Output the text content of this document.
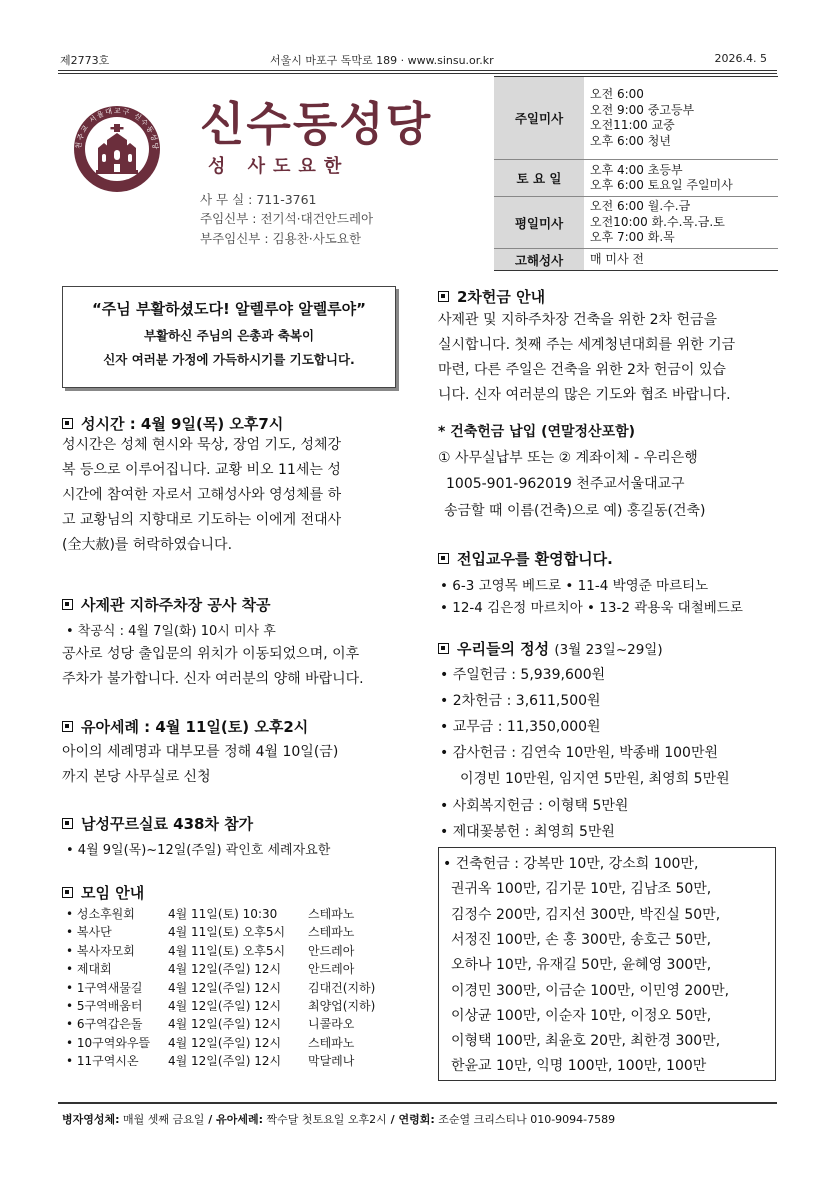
제2773호	서울시 마포구 독막로 189 · www.sinsu.or.kr	2026.4. 5
천주교 서울대교구 신수동성당 신수동성당
성 사도요한
사 무 실 : 711-3761
주임신부 : 전기석·대건안드레아
부주임신부 : 김용찬·사도요한
주일미사	오전 6:00
오전 9:00 중고등부
오전11:00 교중
오후 6:00 청년

토 요 일	오후 4:00 초등부
오후 6:00 토요일 주일미사

평일미사	오전 6:00 월.수.금
오전10:00 화.수.목.금.토
오후 7:00 화.목

고해성사	매 미사 전
“주님 부활하셨도다! 알렐루야 알렐루야”
부활하신 주님의 은총과 축복이
신자 여러분 가정에 가득하시기를 기도합니다.
성시간 : 4월 9일(목) 오후7시
성시간은 성체 현시와 묵상, 장엄 기도, 성체강
복 등으로 이루어집니다. 교황 비오 11세는 성
시간에 참여한 자로서 고해성사와 영성체를 하
고 교황님의 지향대로 기도하는 이에게 전대사
(全大赦)를 허락하였습니다.
사제관 지하주차장 공사 착공
• 착공식 : 4월 7일(화) 10시 미사 후
공사로 성당 출입문의 위치가 이동되었으며, 이후
주차가 불가합니다. 신자 여러분의 양해 바랍니다.
유아세례 : 4월 11일(토) 오후2시
아이의 세례명과 대부모를 정해 4월 10일(금)
까지 본당 사무실로 신청
남성꾸르실료 438차 참가
• 4월 9일(목)~12일(주일) 곽인호 세례자요한
모임 안내
• 성소후원회	4월 11일(토) 10:30	스테파노
• 복사단	4월 11일(토) 오후5시 스테파노
• 복사자모회	4월 11일(토) 오후5시 안드레아
• 제대회	4월 12일(주일) 12시 안드레아
• 1구역새물길 4월 12일(주일) 12시 김대건(지하)
• 5구역배움터 4월 12일(주일) 12시 최양업(지하)
• 6구역갑은돌 4월 12일(주일) 12시 니콜라오
• 10구역와우뜰 4월 12일(주일) 12시 스테파노
• 11구역시온 4월 12일(주일) 12시 막달레나
2차헌금 안내
사제관 및 지하주차장 건축을 위한 2차 헌금을
실시합니다. 첫째 주는 세계청년대회를 위한 기금
마련, 다른 주일은 건축을 위한 2차 헌금이 있습
니다. 신자 여러분의 많은 기도와 협조 바랍니다.
* 건축헌금 납입 (연말정산포함)
① 사무실납부 또는 ② 계좌이체 - 우리은행
1005-901-962019 천주교서울대교구
송금할 때 이름(건축)으로 예) 홍길동(건축)
전입교우를 환영합니다.
• 6-3 고영목 베드로 • 11-4 박영준 마르티노
• 12-4 김은정 마르치아 • 13-2 곽용욱 대철베드로
우리들의 정성 (3월 23일~29일)
• 주일헌금 : 5,939,600원
• 2차헌금 : 3,611,500원
• 교무금 : 11,350,000원
• 감사헌금 : 김연숙 10만원, 박종배 100만원
이경빈 10만원, 임지연 5만원, 최영희 5만원
• 사회복지헌금 : 이형택 5만원
• 제대꽃봉헌 : 최영희 5만원
• 건축헌금 : 강복만 10만, 강소희 100만,
권귀옥 100만, 김기문 10만, 김남조 50만,
김정수 200만, 김지선 300만, 박진실 50만,
서정진 100만, 손 홍 300만, 송호근 50만,
오하나 10만, 유재길 50만, 윤혜영 300만,
이경민 300만, 이금순 100만, 이민영 200만,
이상균 100만, 이순자 10만, 이정오 50만,
이형택 100만, 최윤호 20만, 최한경 300만,
한윤교 10만, 익명 100만, 100만, 100만
병자영성체: 매월 셋째 금요일 / 유아세례: 짝수달 첫토요일 오후2시 / 연령회: 조순열 크리스티나 010-9094-7589
